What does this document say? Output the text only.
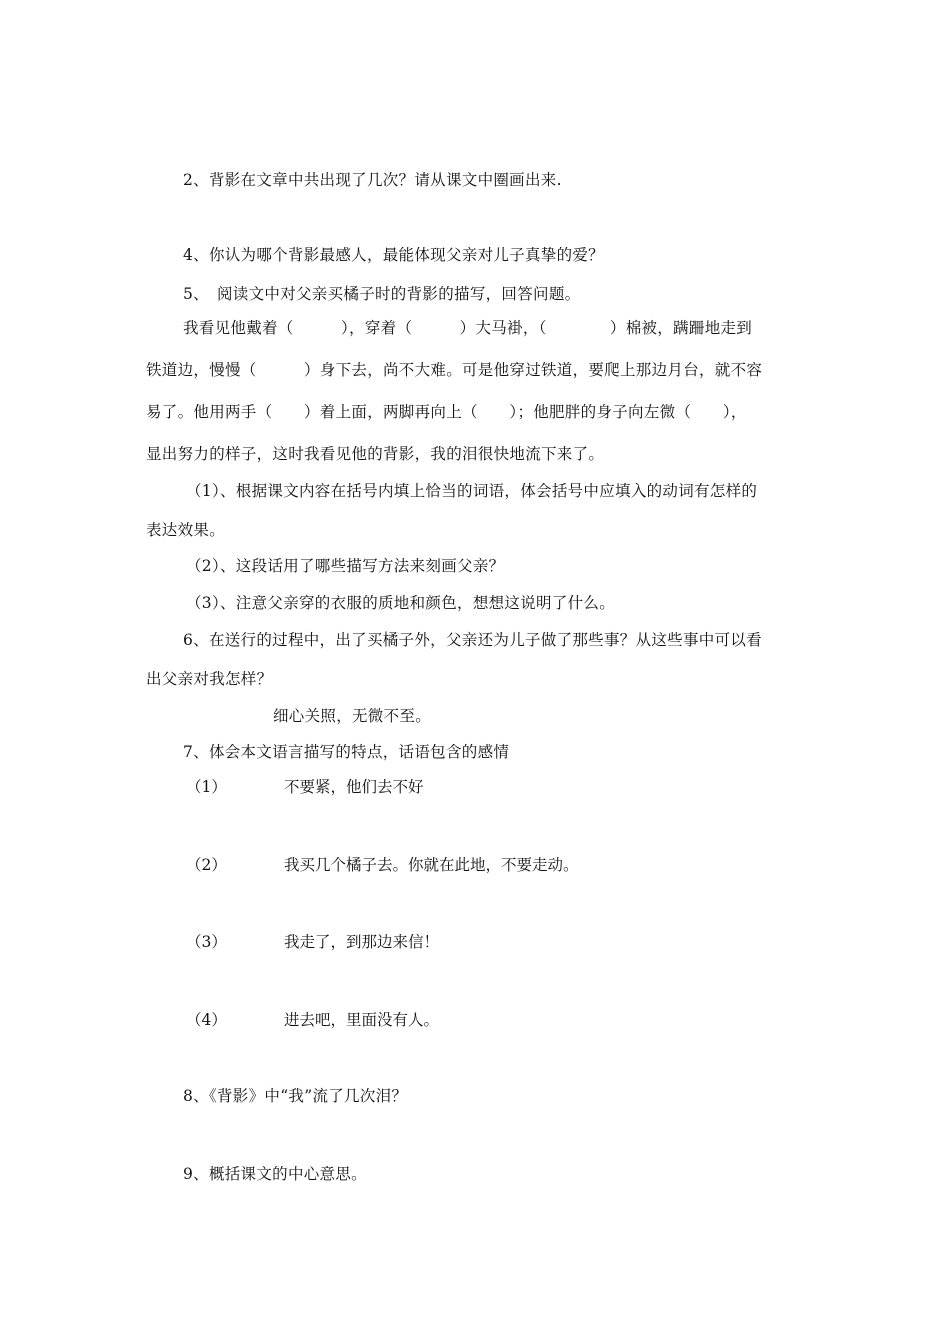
2、背影在文章中共出现了几次？请从课文中圈画出来.
4、你认为哪个背影最感人，最能体现父亲对儿子真挚的爱？
5、　阅读文中对父亲买橘子时的背影的描写，回答问题。
我看见他戴着（　　　），穿着（　　　）大马褂，（　　　　）棉被，蹒跚地走到
铁道边，慢慢（　　　）身下去，尚不大难。可是他穿过铁道，要爬上那边月台，就不容
易了。他用两手（　　）着上面，两脚再向上（　　）；他肥胖的身子向左微（　　），
显出努力的样子，这时我看见他的背影，我的泪很快地流下来了。
（1）、根据课文内容在括号内填上恰当的词语，体会括号中应填入的动词有怎样的
表达效果。
（2）、这段话用了哪些描写方法来刻画父亲？
（3）、注意父亲穿的衣服的质地和颜色，想想这说明了什么。
6、在送行的过程中，出了买橘子外，父亲还为儿子做了那些事？从这些事中可以看
出父亲对我怎样？
细心关照，无微不至。
7、体会本文语言描写的特点，话语包含的感情
（1）	不要紧，他们去不好
（2）	我买几个橘子去。你就在此地，不要走动。
（3）	我走了，到那边来信！
（4）	进去吧，里面没有人。
8、《背影》中“我”流了几次泪？
9、概括课文的中心意思。
